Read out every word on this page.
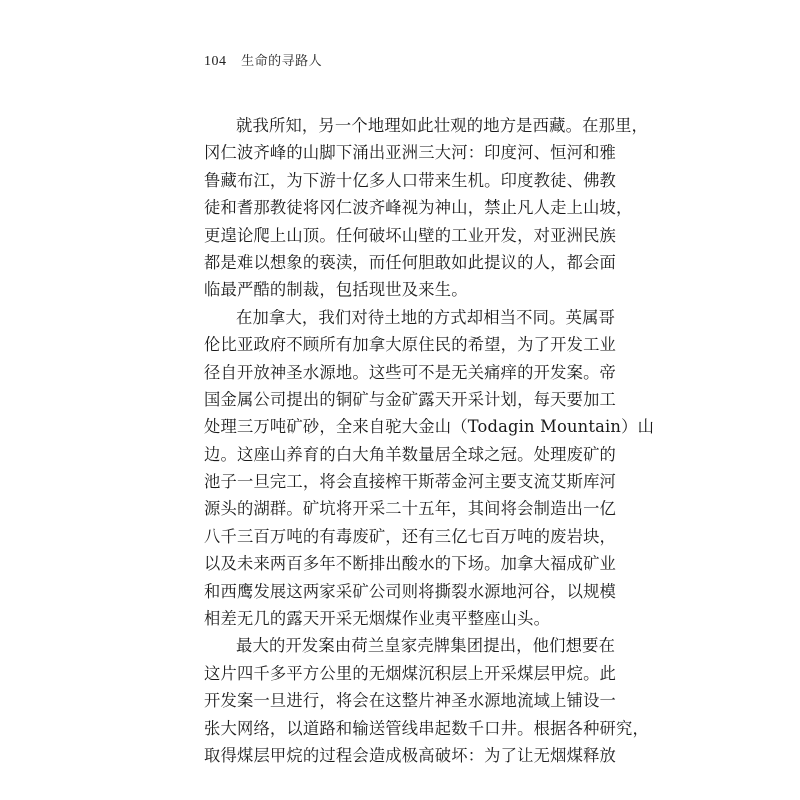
104 生命的寻路人
就我所知，另一个地理如此壮观的地方是西藏。在那里，
冈仁波齐峰的山脚下涌出亚洲三大河：印度河、恒河和雅
鲁藏布江，为下游十亿多人口带来生机。印度教徒、佛教
徒和耆那教徒将冈仁波齐峰视为神山，禁止凡人走上山坡，
更遑论爬上山顶。任何破坏山壁的工业开发，对亚洲民族
都是难以想象的亵渎，而任何胆敢如此提议的人，都会面
临最严酷的制裁，包括现世及来生。
在加拿大，我们对待土地的方式却相当不同。英属哥
伦比亚政府不顾所有加拿大原住民的希望，为了开发工业
径自开放神圣水源地。这些可不是无关痛痒的开发案。帝
国金属公司提出的铜矿与金矿露天开采计划，每天要加工
处理三万吨矿砂，全来自驼大金山（Todagin Mountain）山
边。这座山养育的白大角羊数量居全球之冠。处理废矿的
池子一旦完工，将会直接榨干斯蒂金河主要支流艾斯库河
源头的湖群。矿坑将开采二十五年，其间将会制造出一亿
八千三百万吨的有毒废矿，还有三亿七百万吨的废岩块，
以及未来两百多年不断排出酸水的下场。加拿大福成矿业
和西鹰发展这两家采矿公司则将撕裂水源地河谷，以规模
相差无几的露天开采无烟煤作业夷平整座山头。
最大的开发案由荷兰皇家壳牌集团提出，他们想要在
这片四千多平方公里的无烟煤沉积层上开采煤层甲烷。此
开发案一旦进行，将会在这整片神圣水源地流域上铺设一
张大网络，以道路和输送管线串起数千口井。根据各种研究，
取得煤层甲烷的过程会造成极高破坏：为了让无烟煤释放
